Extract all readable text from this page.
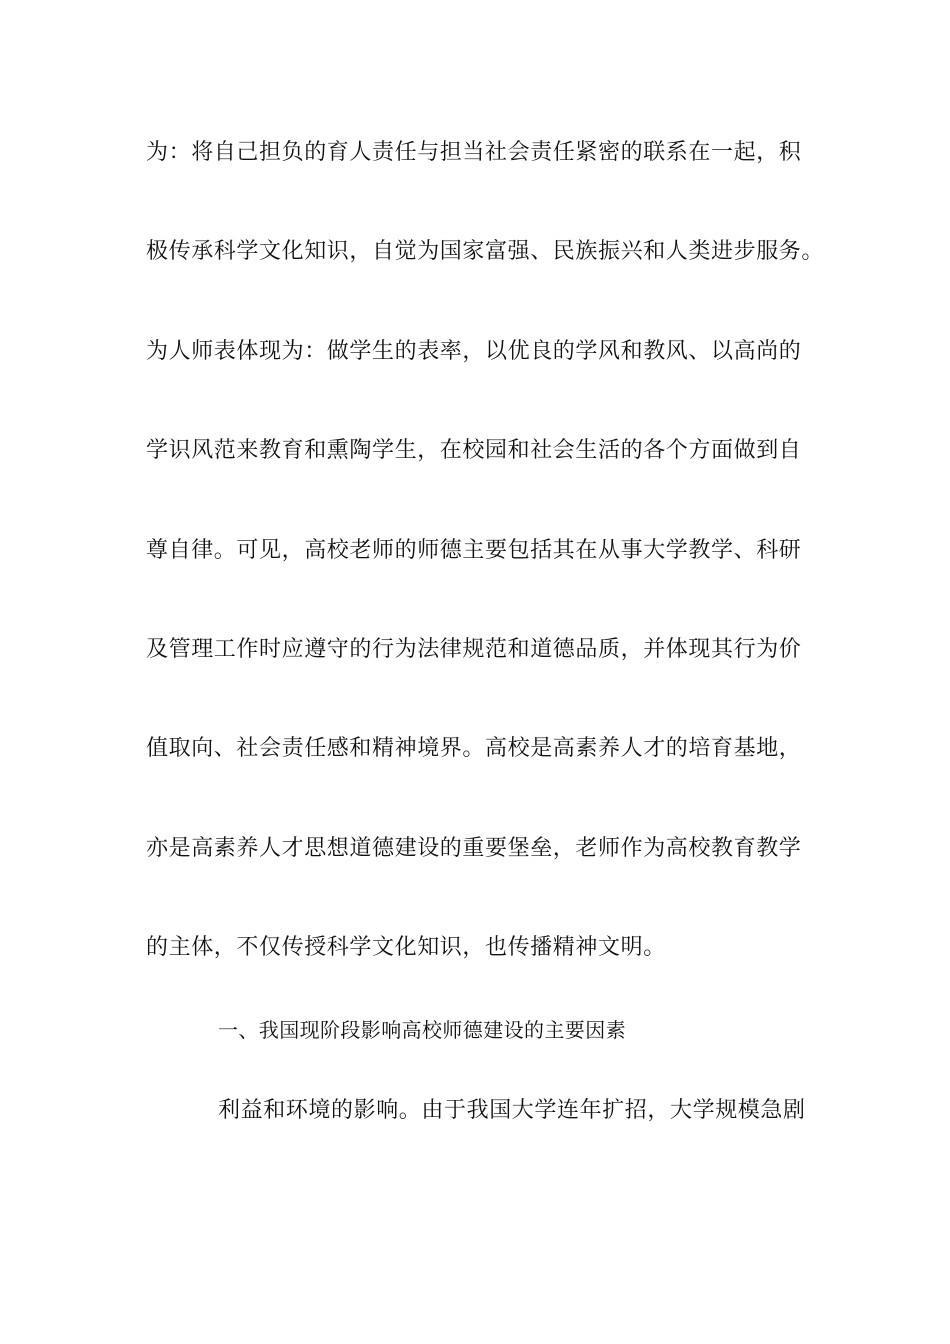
为：将自己担负的育人责任与担当社会责任紧密的联系在一起，积
极传承科学文化知识，自觉为国家富强、民族振兴和人类进步服务。
为人师表体现为：做学生的表率，以优良的学风和教风、以高尚的
学识风范来教育和熏陶学生，在校园和社会生活的各个方面做到自
尊自律。可见，高校老师的师德主要包括其在从事大学教学、科研
及管理工作时应遵守的行为法律规范和道德品质，并体现其行为价
值取向、社会责任感和精神境界。高校是高素养人才的培育基地，
亦是高素养人才思想道德建设的重要堡垒，老师作为高校教育教学
的主体，不仅传授科学文化知识，也传播精神文明。
一、我国现阶段影响高校师德建设的主要因素
利益和环境的影响。由于我国大学连年扩招，大学规模急剧
